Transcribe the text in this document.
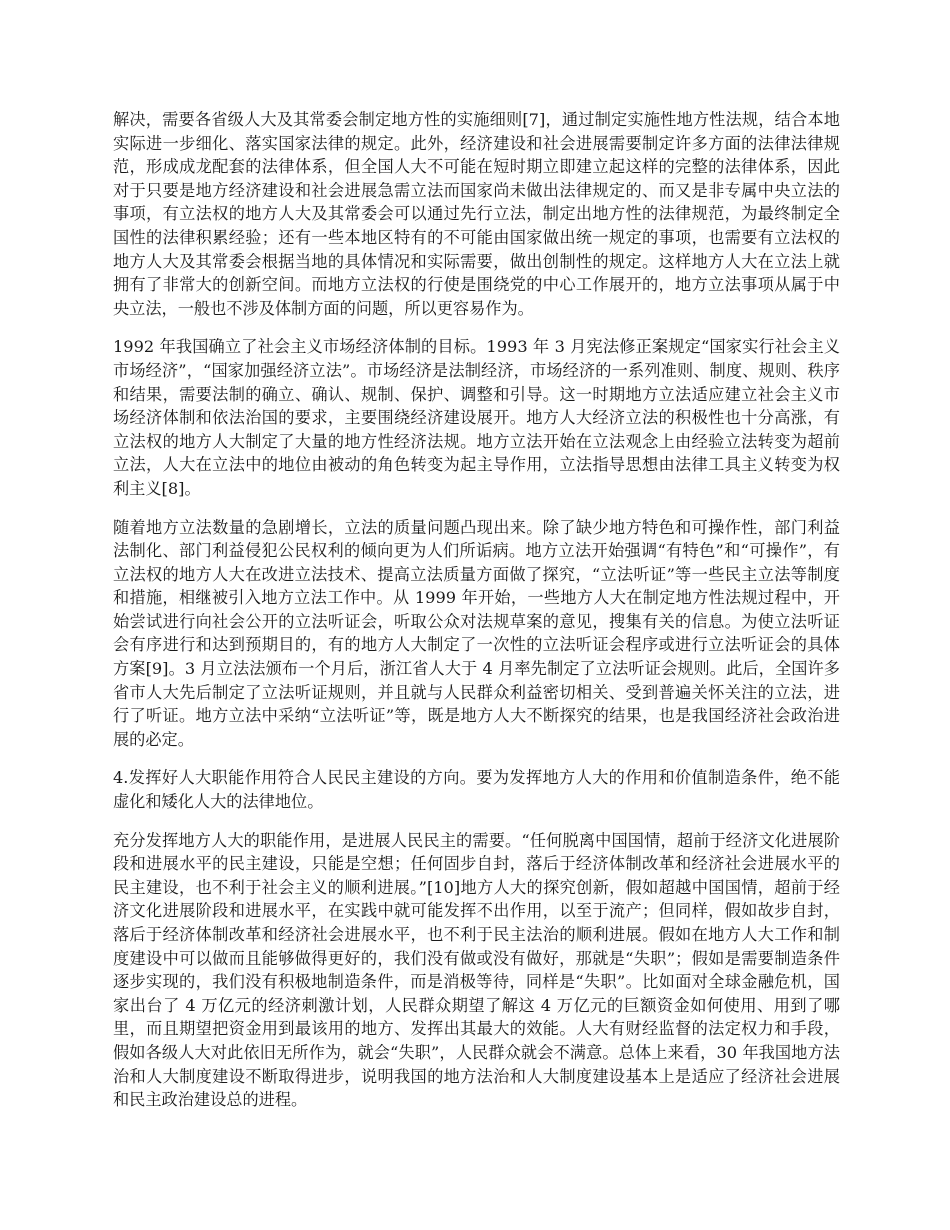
解决，需要各省级人大及其常委会制定地方性的实施细则[7]，通过制定实施性地方性法规，结合本地实际进一步细化、落实国家法律的规定。此外，经济建设和社会进展需要制定许多方面的法律法律规范，形成成龙配套的法律体系，但全国人大不可能在短时期立即建立起这样的完整的法律体系，因此对于只要是地方经济建设和社会进展急需立法而国家尚未做出法律规定的、而又是非专属中央立法的事项，有立法权的地方人大及其常委会可以通过先行立法，制定出地方性的法律规范，为最终制定全国性的法律积累经验；还有一些本地区特有的不可能由国家做出统一规定的事项，也需要有立法权的地方人大及其常委会根据当地的具体情况和实际需要，做出创制性的规定。这样地方人大在立法上就拥有了非常大的创新空间。而地方立法权的行使是围绕党的中心工作展开的，地方立法事项从属于中央立法，一般也不涉及体制方面的问题，所以更容易作为。

1992 年我国确立了社会主义市场经济体制的目标。1993 年 3 月宪法修正案规定“国家实行社会主义市场经济”，“国家加强经济立法”。市场经济是法制经济，市场经济的一系列准则、制度、规则、秩序和结果，需要法制的确立、确认、规制、保护、调整和引导。这一时期地方立法适应建立社会主义市场经济体制和依法治国的要求，主要围绕经济建设展开。地方人大经济立法的积极性也十分高涨，有立法权的地方人大制定了大量的地方性经济法规。地方立法开始在立法观念上由经验立法转变为超前立法，人大在立法中的地位由被动的角色转变为起主导作用，立法指导思想由法律工具主义转变为权利主义[8]。

随着地方立法数量的急剧增长，立法的质量问题凸现出来。除了缺少地方特色和可操作性，部门利益法制化、部门利益侵犯公民权利的倾向更为人们所诟病。地方立法开始强调“有特色”和“可操作”，有立法权的地方人大在改进立法技术、提高立法质量方面做了探究，“立法听证”等一些民主立法等制度和措施，相继被引入地方立法工作中。从 1999 年开始，一些地方人大在制定地方性法规过程中，开始尝试进行向社会公开的立法听证会，听取公众对法规草案的意见，搜集有关的信息。为使立法听证会有序进行和达到预期目的，有的地方人大制定了一次性的立法听证会程序或进行立法听证会的具体方案[9]。3 月立法法颁布一个月后，浙江省人大于 4 月率先制定了立法听证会规则。此后，全国许多省市人大先后制定了立法听证规则，并且就与人民群众利益密切相关、受到普遍关怀关注的立法，进行了听证。地方立法中采纳“立法听证”等，既是地方人大不断探究的结果，也是我国经济社会政治进展的必定。

4.发挥好人大职能作用符合人民民主建设的方向。要为发挥地方人大的作用和价值制造条件，绝不能虚化和矮化人大的法律地位。

充分发挥地方人大的职能作用，是进展人民民主的需要。“任何脱离中国国情，超前于经济文化进展阶段和进展水平的民主建设，只能是空想；任何固步自封，落后于经济体制改革和经济社会进展水平的民主建设，也不利于社会主义的顺利进展。”[10]地方人大的探究创新，假如超越中国国情，超前于经济文化进展阶段和进展水平，在实践中就可能发挥不出作用，以至于流产；但同样，假如故步自封，落后于经济体制改革和经济社会进展水平，也不利于民主法治的顺利进展。假如在地方人大工作和制度建设中可以做而且能够做得更好的，我们没有做或没有做好，那就是“失职”；假如是需要制造条件逐步实现的，我们没有积极地制造条件，而是消极等待，同样是“失职”。比如面对全球金融危机，国家出台了 4 万亿元的经济刺激计划，人民群众期望了解这 4 万亿元的巨额资金如何使用、用到了哪里，而且期望把资金用到最该用的地方、发挥出其最大的效能。人大有财经监督的法定权力和手段，假如各级人大对此依旧无所作为，就会“失职”，人民群众就会不满意。总体上来看，30 年我国地方法治和人大制度建设不断取得进步，说明我国的地方法治和人大制度建设基本上是适应了经济社会进展和民主政治建设总的进程。
